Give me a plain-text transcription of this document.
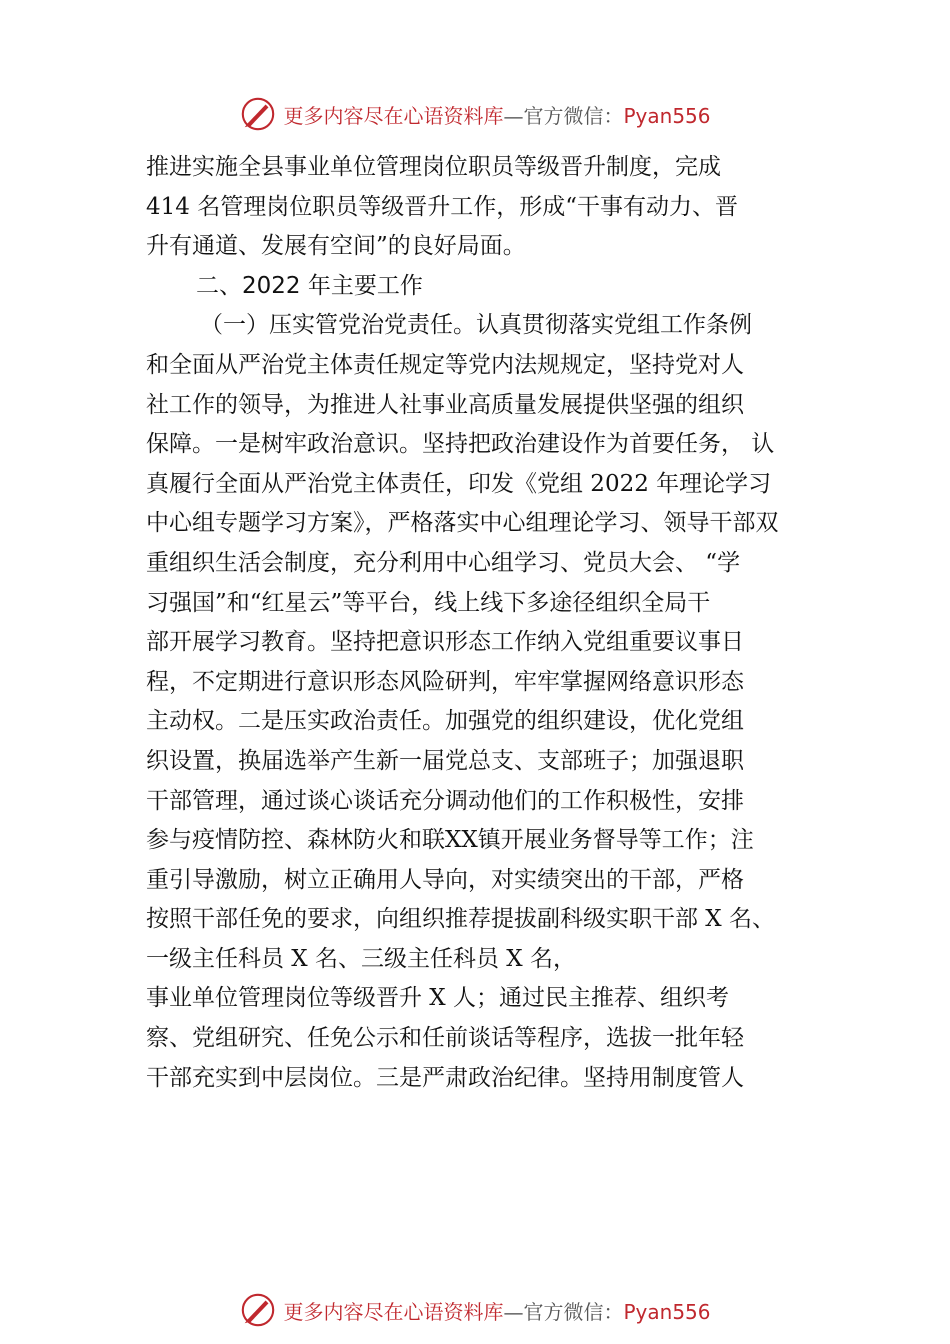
更多内容尽在心语资料库—官方微信：Pyan556
推进实施全县事业单位管理岗位职员等级晋升制度，完成
414 名管理岗位职员等级晋升工作，形成“干事有动力、晋
升有通道、发展有空间”的良好局面。
二、2022 年主要工作
（一）压实管党治党责任。认真贯彻落实党组工作条例
和全面从严治党主体责任规定等党内法规规定，坚持党对人
社工作的领导，为推进人社事业高质量发展提供坚强的组织
保障。一是树牢政治意识。坚持把政治建设作为首要任务， 认
真履行全面从严治党主体责任，印发《党组 2022 年理论学习
中心组专题学习方案》，严格落实中心组理论学习、领导干部双
重组织生活会制度，充分利用中心组学习、党员大会、 “学
习强国”和“红星云”等平台，线上线下多途径组织全局干
部开展学习教育。坚持把意识形态工作纳入党组重要议事日
程，不定期进行意识形态风险研判，牢牢掌握网络意识形态
主动权。二是压实政治责任。加强党的组织建设，优化党组
织设置，换届选举产生新一届党总支、支部班子；加强退职
干部管理，通过谈心谈话充分调动他们的工作积极性，安排
参与疫情防控、森林防火和联XX镇开展业务督导等工作；注
重引导激励，树立正确用人导向，对实绩突出的干部，严格
按照干部任免的要求，向组织推荐提拔副科级实职干部 X 名、
一级主任科员 X 名、三级主任科员 X 名，
事业单位管理岗位等级晋升 X 人；通过民主推荐、组织考
察、党组研究、任免公示和任前谈话等程序，选拔一批年轻
干部充实到中层岗位。三是严肃政治纪律。坚持用制度管人
更多内容尽在心语资料库—官方微信：Pyan556
